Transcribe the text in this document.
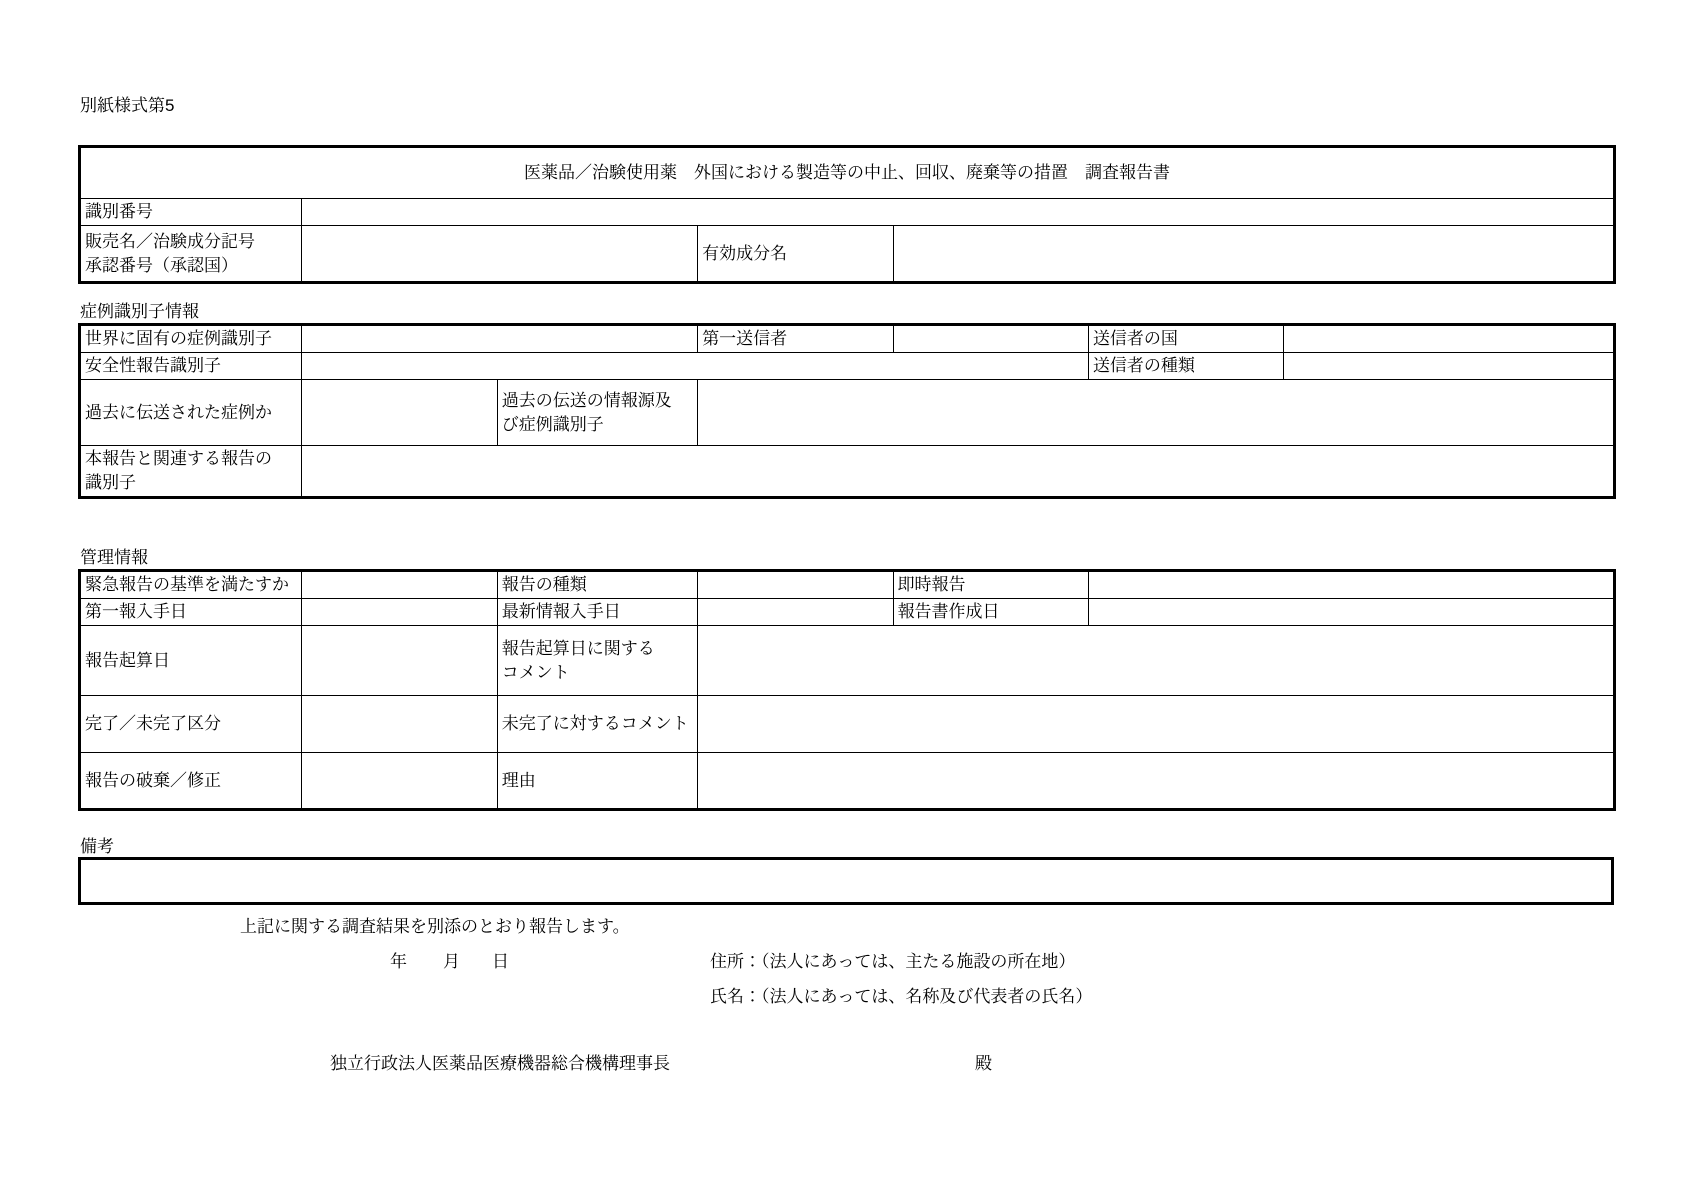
別紙様式第5
医薬品／治験使用薬　外国における製造等の中止、回収、廃棄等の措置　調査報告書			
識別番号			

販売名／治験成分記号
承認番号（承認国）		有効成分名	
症例識別子情報
世界に固有の症例識別子			第一送信者		送信者の国	
安全性報告識別子					送信者の種類	
過去に伝送された症例か		過去の伝送の情報源及
び症例識別子				

本報告と関連する報告の
識別子						

管理情報
緊急報告の基準を満たすか		報告の種類		即時報告	
第一報入手日		最新情報入手日		報告書作成日	
報告起算日		報告起算日に関する
コメント			

完了／未完了区分		未完了に対するコメント			
報告の破棄／修正		理由			
備考
上記に関する調査結果を別添のとおり報告します。
年 月 日	住所：（法人にあっては、主たる施設の所在地）
氏名：（法人にあっては、名称及び代表者の氏名）
独立行政法人医薬品医療機器総合機構理事長	殿
